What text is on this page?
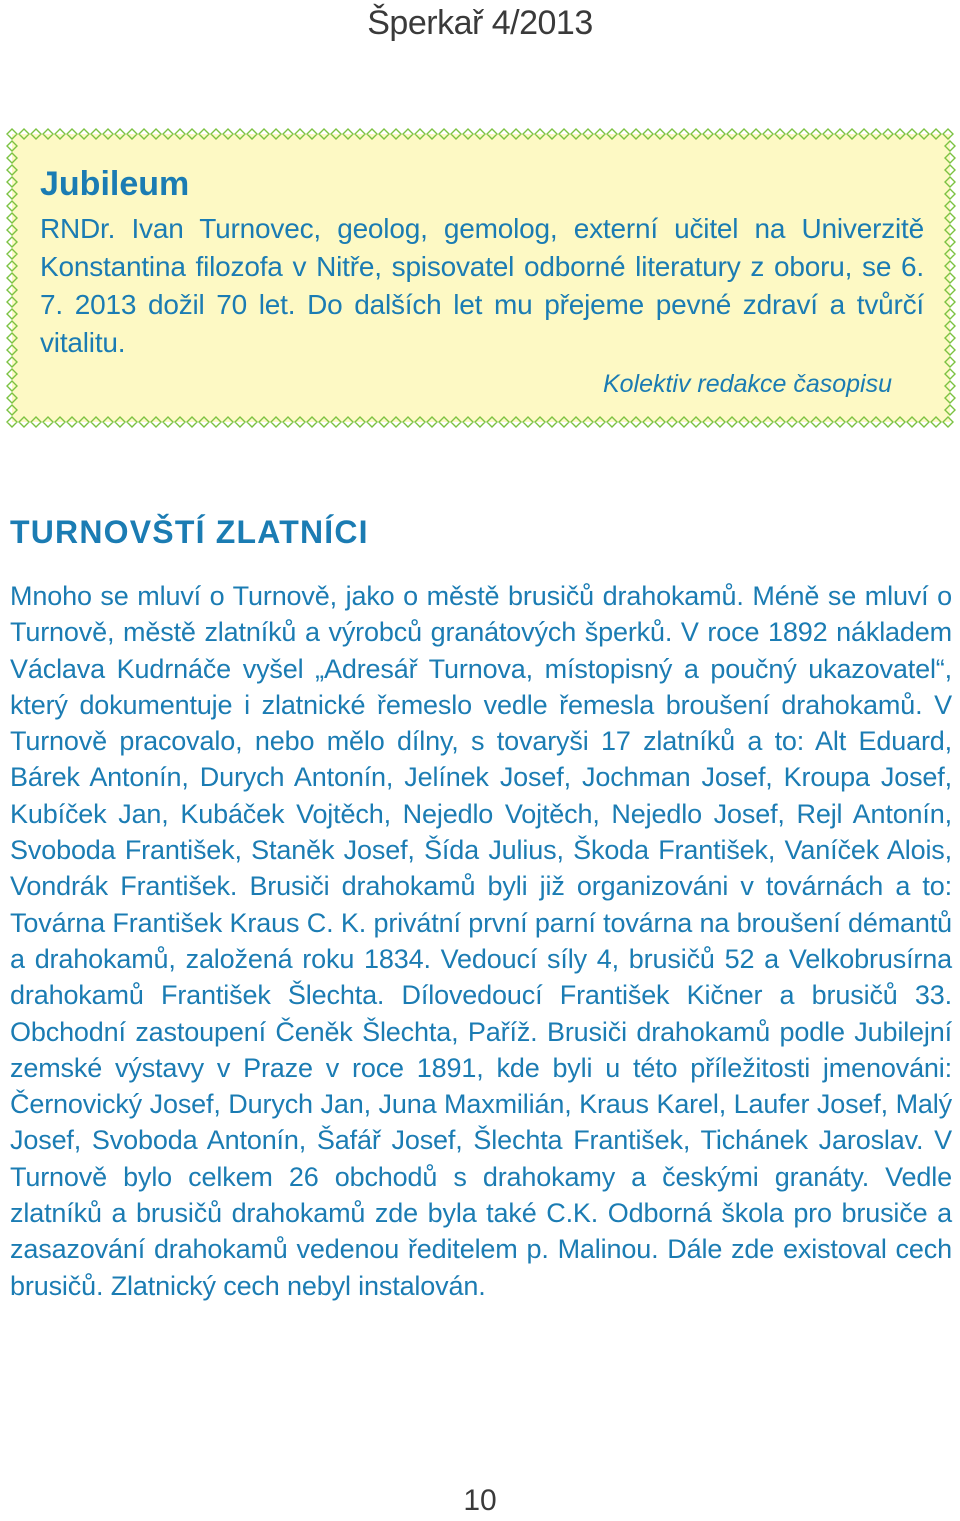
Šperkař 4/2013
Jubileum

RNDr. Ivan Turnovec, geolog, gemolog, externí učitel na Univerzitě Konstantina filozofa v Nitře, spisovatel odborné literatury z oboru, se 6. 7. 2013 dožil 70 let. Do dalších let mu přejeme pevné zdraví a tvůrčí vitalitu.

Kolektiv redakce časopisu
TURNOVŠTÍ ZLATNÍCI

Mnoho se mluví o Turnově, jako o městě brusičů drahokamů. Méně se mluví o Turnově, městě zlatníků a výrobců granátových šperků. V roce 1892 nákladem Václava Kudrnáče vyšel „Adresář Turnova, místopisný a poučný ukazovatel“, který dokumentuje i zlatnické řemeslo vedle řemesla broušení drahokamů. V Turnově pracovalo, nebo mělo dílny, s tovaryši 17 zlatníků a to: Alt Eduard, Bárek Antonín, Durych Antonín, Jelínek Josef, Jochman Josef, Kroupa Josef, Kubíček Jan, Kubáček Vojtěch, Nejedlo Vojtěch, Nejedlo Josef, Rejl Antonín, Svoboda František, Staněk Josef, Šída Julius, Škoda František, Vaníček Alois, Vondrák František. Brusiči drahokamů byli již organizováni v továrnách a to: Továrna František Kraus C. K. privátní první parní továrna na broušení démantů a drahokamů, založená roku 1834. Vedoucí síly 4, brusičů 52 a Velkobrusírna drahokamů František Šlechta. Dílovedoucí František Kičner a brusičů 33. Obchodní zastoupení Čeněk Šlechta, Paříž. Brusiči drahokamů podle Jubilejní zemské výstavy v Praze v roce 1891, kde byli u této příležitosti jmenováni: Černovický Josef, Durych Jan, Juna Maxmilián, Kraus Karel, Laufer Josef, Malý Josef, Svoboda Antonín, Šafář Josef, Šlechta František, Tichánek Jaroslav. V Turnově bylo celkem 26 obchodů s drahokamy a českými granáty. Vedle zlatníků a brusičů drahokamů zde byla také C.K. Odborná škola pro brusiče a zasazování drahokamů vedenou ředitelem p. Malinou. Dále zde existoval cech brusičů. Zlatnický cech nebyl instalován.

10
